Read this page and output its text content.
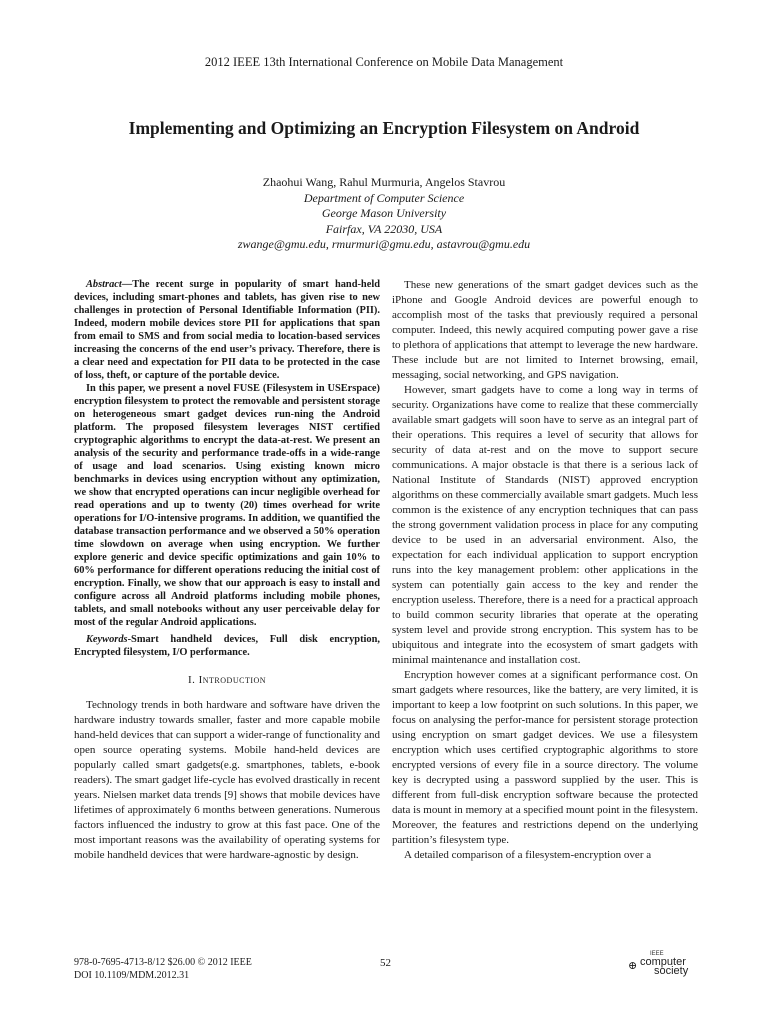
2012 IEEE 13th International Conference on Mobile Data Management
Implementing and Optimizing an Encryption Filesystem on Android
Zhaohui Wang, Rahul Murmuria, Angelos Stavrou
Department of Computer Science
George Mason University
Fairfax, VA 22030, USA
zwange@gmu.edu, rmurmuri@gmu.edu, astavrou@gmu.edu

Abstract—The recent surge in popularity of smart hand-held devices, including smart-phones and tablets, has given rise to new challenges in protection of Personal Identifiable Information (PII). Indeed, modern mobile devices store PII for applications that span from email to SMS and from social media to location-based services increasing the concerns of the end user’s privacy. Therefore, there is a clear need and expectation for PII data to be protected in the case of loss, theft, or capture of the portable device.

In this paper, we present a novel FUSE (Filesystem in USErspace) encryption filesystem to protect the removable and persistent storage on heterogeneous smart gadget devices run-ning the Android platform. The proposed filesystem leverages NIST certified cryptographic algorithms to encrypt the data-at-rest. We present an analysis of the security and performance trade-offs in a wide-range of usage and load scenarios. Using existing known micro benchmarks in devices using encryption without any optimization, we show that encrypted operations can incur negligible overhead for read operations and up to twenty (20) times overhead for write operations for I/O-intensive programs. In addition, we quantified the database transaction performance and we observed a 50% operation time slowdown on average when using encryption. We further explore generic and device specific optimizations and gain 10% to 60% performance for different operations reducing the initial cost of encryption. Finally, we show that our approach is easy to install and configure across all Android platforms including mobile phones, tablets, and small notebooks without any user perceivable delay for most of the regular Android applications.

Keywords-Smart handheld devices, Full disk encryption, Encrypted filesystem, I/O performance.

I. Introduction

Technology trends in both hardware and software have driven the hardware industry towards smaller, faster and more capable mobile hand-held devices that can support a wider-range of functionality and open source operating systems. Mobile hand-held devices are popularly called smart gadgets(e.g. smartphones, tablets, e-book readers). The smart gadget life-cycle has evolved drastically in recent years. Nielsen market data trends [9] shows that mobile devices have lifetimes of approximately 6 months between generations. Numerous factors influenced the industry to grow at this fast pace. One of the most important reasons was the availability of operating systems for mobile handheld devices that were hardware-agnostic by design.

These new generations of the smart gadget devices such as the iPhone and Google Android devices are powerful enough to accomplish most of the tasks that previously required a personal computer. Indeed, this newly acquired computing power gave a rise to plethora of applications that attempt to leverage the new hardware. These include but are not limited to Internet browsing, email, messaging, social networking, and GPS navigation.

However, smart gadgets have to come a long way in terms of security. Organizations have come to realize that these commercially available smart gadgets will soon have to serve as an integral part of their operations. This requires a level of security that allows for security of data at-rest and on the move to support secure communications. A major obstacle is that there is a serious lack of National Institute of Standards (NIST) approved encryption algorithms on these commercially available smart gadgets. Much less common is the existence of any encryption techniques that can pass the strong government validation process in place for any computing device to be used in an adversarial environment. Also, the expectation for each individual application to support encryption runs into the key management problem: other applications in the system can potentially gain access to the key and render the encryption useless. Therefore, there is a need for a practical approach to build common security libraries that operate at the operating system level and provide strong encryption. This system has to be ubiquitous and integrate into the ecosystem of smart gadgets with minimal maintenance and installation cost.

Encryption however comes at a significant performance cost. On smart gadgets where resources, like the battery, are very limited, it is important to keep a low footprint on such solutions. In this paper, we focus on analysing the perfor-mance for persistent storage protection using encryption on smart gadget devices. We use a filesystem encryption which uses certified cryptographic algorithms to store encrypted versions of every file in a source directory. The volume key is decrypted using a password supplied by the user. This is different from full-disk encryption software because the protected data is mount in memory at a specified mount point in the filesystem. Moreover, the features and restrictions depend on the underlying partition’s filesystem type.

A detailed comparison of a filesystem-encryption over a

978-0-7695-4713-8/12 $26.00 © 2012 IEEE
DOI 10.1109/MDM.2012.31
52
IEEE
⊕ computer
society
